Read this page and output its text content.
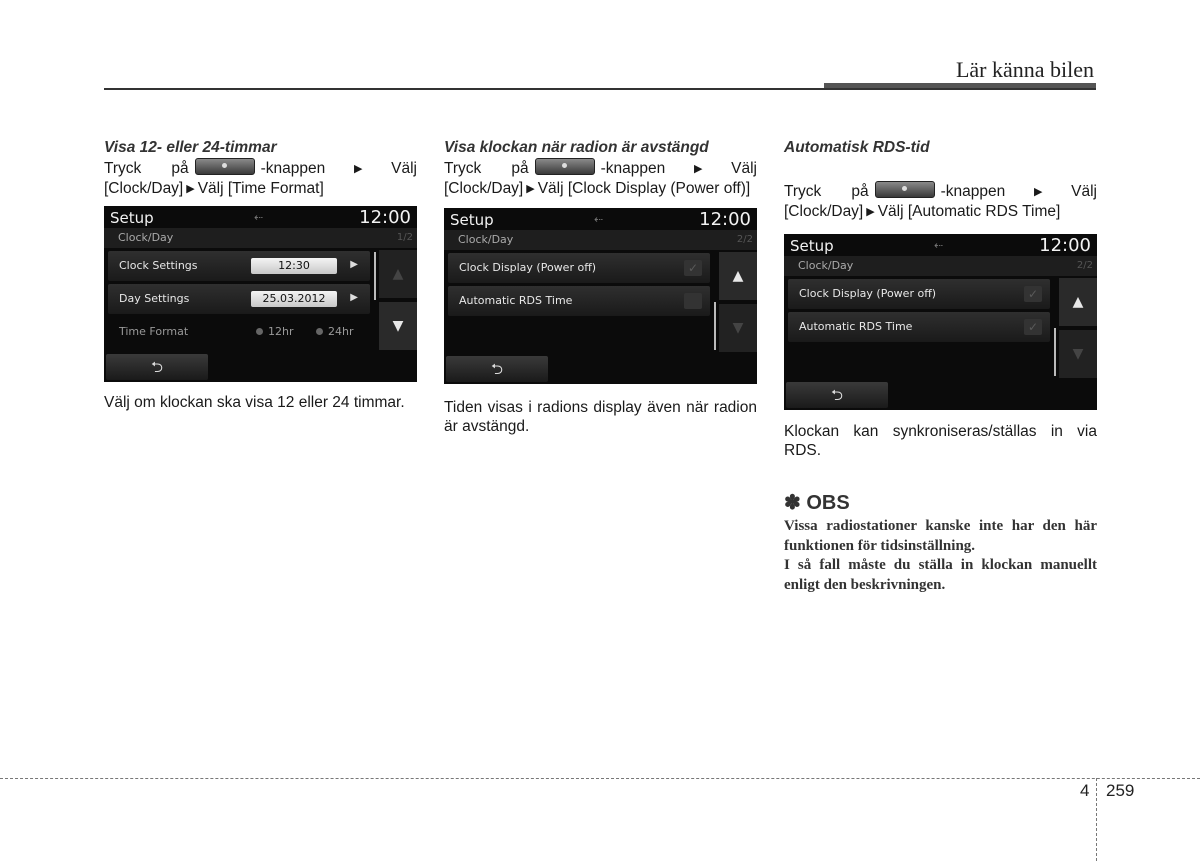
Lär känna bilen
Visa 12- eller 24-timmar
Tryck på	-knappen ▶ Välj [Clock/Day] ▶ Välj [Time Format]
Setup	⇠	12:00
Clock/Day	1/2
Clock Settings	12:30	▶
Day Settings	25.03.2012	▶
Time Format	12hr	24hr
▲
▼
⮌
Välj om klockan ska visa 12 eller 24 timmar.
Visa klockan när radion är avstängd
Tryck på	-knappen ▶ Välj [Clock/Day] ▶ Välj [Clock Display (Power off)]
Setup	⇠	12:00
Clock/Day	2/2
Clock Display (Power off)	✓
Automatic RDS Time
▲
▼
⮌
Tiden visas i radions display även när radion är avstängd.
Automatisk RDS-tid
Tryck på	-knappen ▶ Välj [Clock/Day] ▶ Välj [Automatic RDS Time]
Setup	⇠	12:00
Clock/Day	2/2
Clock Display (Power off)	✓
Automatic RDS Time	✓
▲
▼
⮌
Klockan kan synkroniseras/ställas in via RDS.
✽ OBS
Vissa radiostationer kanske inte har den här funktionen för tidsinställning.
I så fall måste du ställa in klockan manuellt enligt den beskrivningen.
4 259
